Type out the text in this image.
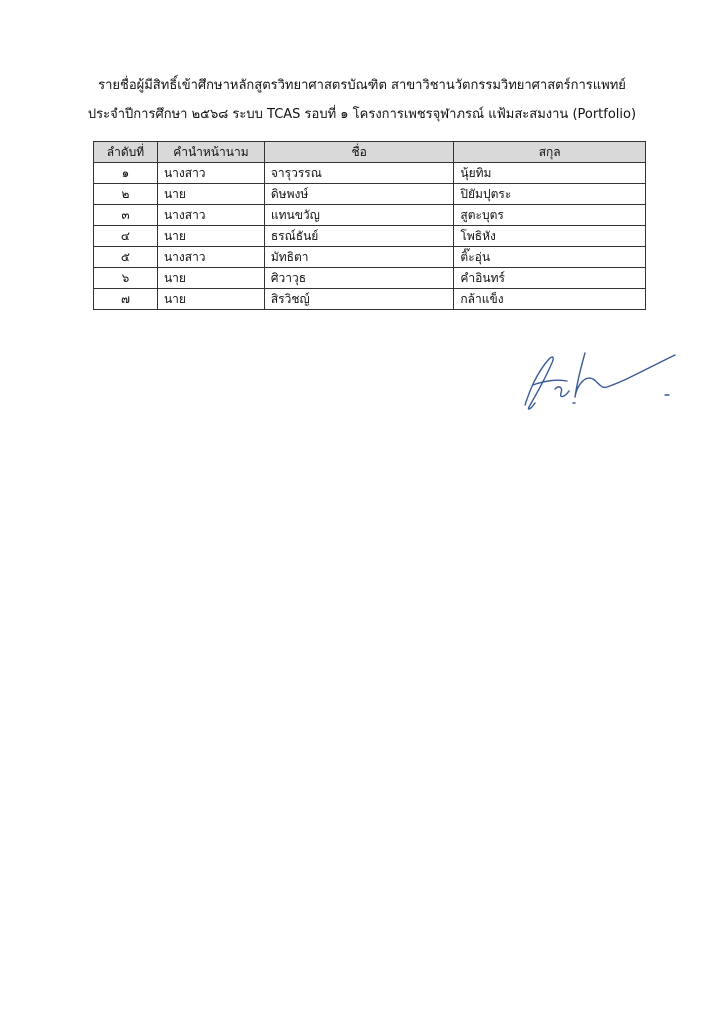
รายชื่อผู้มีสิทธิ์เข้าศึกษาหลักสูตรวิทยาศาสตรบัณฑิต สาขาวิชานวัตกรรมวิทยาศาสตร์การแพทย์
ประจำปีการศึกษา ๒๕๖๘ ระบบ TCAS รอบที่ ๑ โครงการเพชรจุฬาภรณ์ แฟ้มสะสมงาน (Portfolio)
ลำดับที่	คำนำหน้านาม	ชื่อ	สกุล
๑	นางสาว	จารุวรรณ	นุ้ยทิม
๒	นาย	ดิษพงษ์	ปิยัมปุตระ
๓	นางสาว	แทนขวัญ	สูตะบุตร
๔	นาย	ธรณ์ธันย์	โพธิหัง
๕	นางสาว	มัทธิตา	ติ๊ะอุ่น
๖	นาย	ศิวาวุธ	คำอินทร์
๗	นาย	สิรวิชญ์	กล้าแข็ง
